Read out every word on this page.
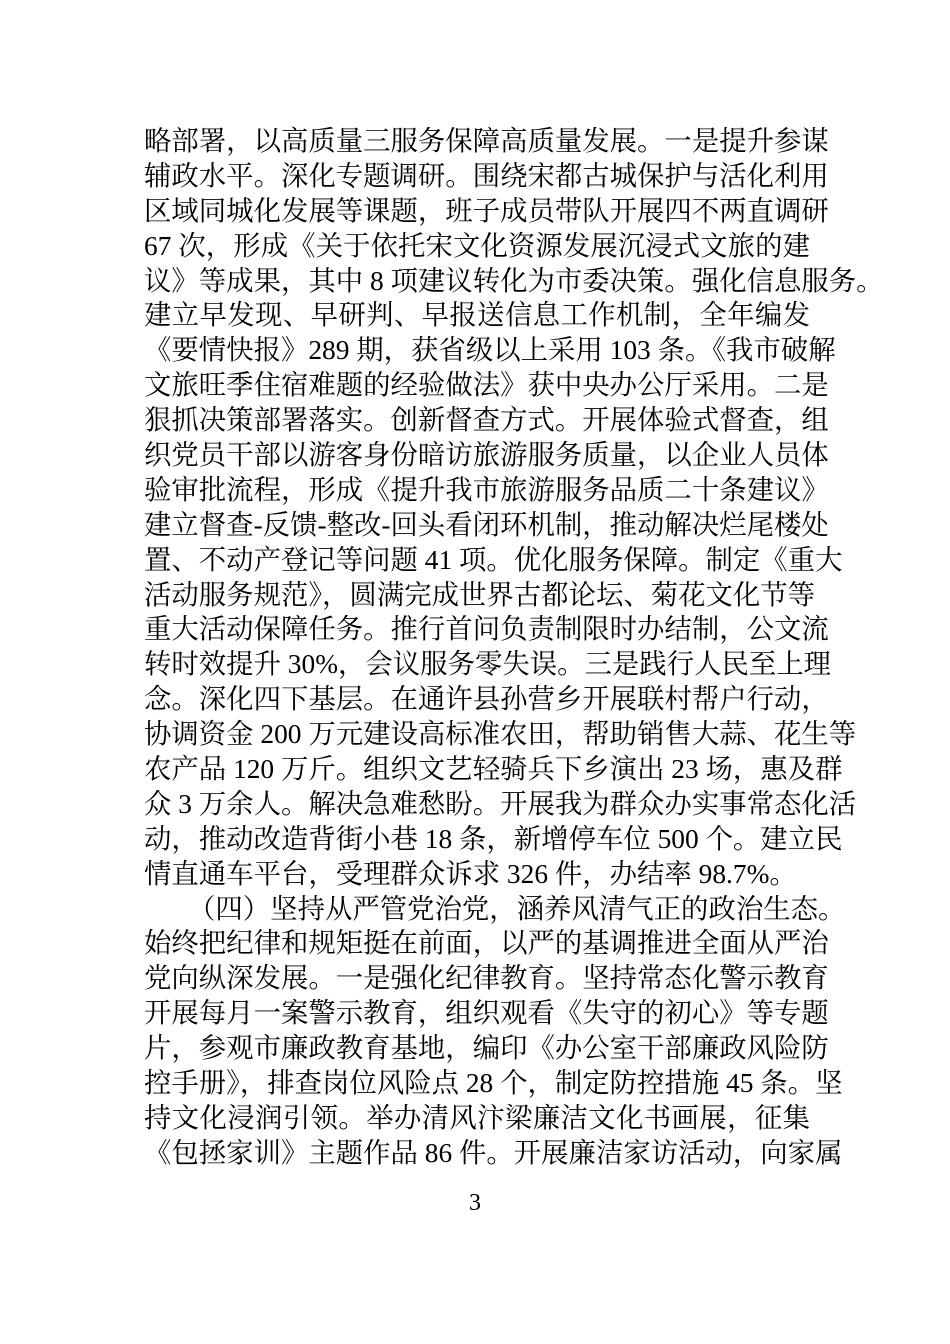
略部署，以高质量三服务保障高质量发展。一是提升参谋
辅政水平。深化专题调研。围绕宋都古城保护与活化利用
区域同城化发展等课题，班子成员带队开展四不两直调研
67 次，形成《关于依托宋文化资源发展沉浸式文旅的建
议》等成果，其中 8 项建议转化为市委决策。强化信息服务。
建立早发现、早研判、早报送信息工作机制，全年编发
《要情快报》289 期，获省级以上采用 103 条。《我市破解
文旅旺季住宿难题的经验做法》获中央办公厅采用。二是
狠抓决策部署落实。创新督查方式。开展体验式督查，组
织党员干部以游客身份暗访旅游服务质量，以企业人员体
验审批流程，形成《提升我市旅游服务品质二十条建议》
建立督查-反馈-整改-回头看闭环机制，推动解决烂尾楼处
置、不动产登记等问题 41 项。优化服务保障。制定《重大
活动服务规范》，圆满完成世界古都论坛、菊花文化节等
重大活动保障任务。推行首问负责制限时办结制，公文流
转时效提升 30%，会议服务零失误。三是践行人民至上理
念。深化四下基层。在通许县孙营乡开展联村帮户行动，
协调资金 200 万元建设高标准农田，帮助销售大蒜、花生等
农产品 120 万斤。组织文艺轻骑兵下乡演出 23 场，惠及群
众 3 万余人。解决急难愁盼。开展我为群众办实事常态化活
动，推动改造背街小巷 18 条，新增停车位 500 个。建立民
情直通车平台，受理群众诉求 326 件，办结率 98.7%。
（四）坚持从严管党治党，涵养风清气正的政治生态。
始终把纪律和规矩挺在前面，以严的基调推进全面从严治
党向纵深发展。一是强化纪律教育。坚持常态化警示教育
开展每月一案警示教育，组织观看《失守的初心》等专题
片，参观市廉政教育基地，编印《办公室干部廉政风险防
控手册》，排查岗位风险点 28 个，制定防控措施 45 条。坚
持文化浸润引领。举办清风汴梁廉洁文化书画展，征集
《包拯家训》主题作品 86 件。开展廉洁家访活动，向家属
3
